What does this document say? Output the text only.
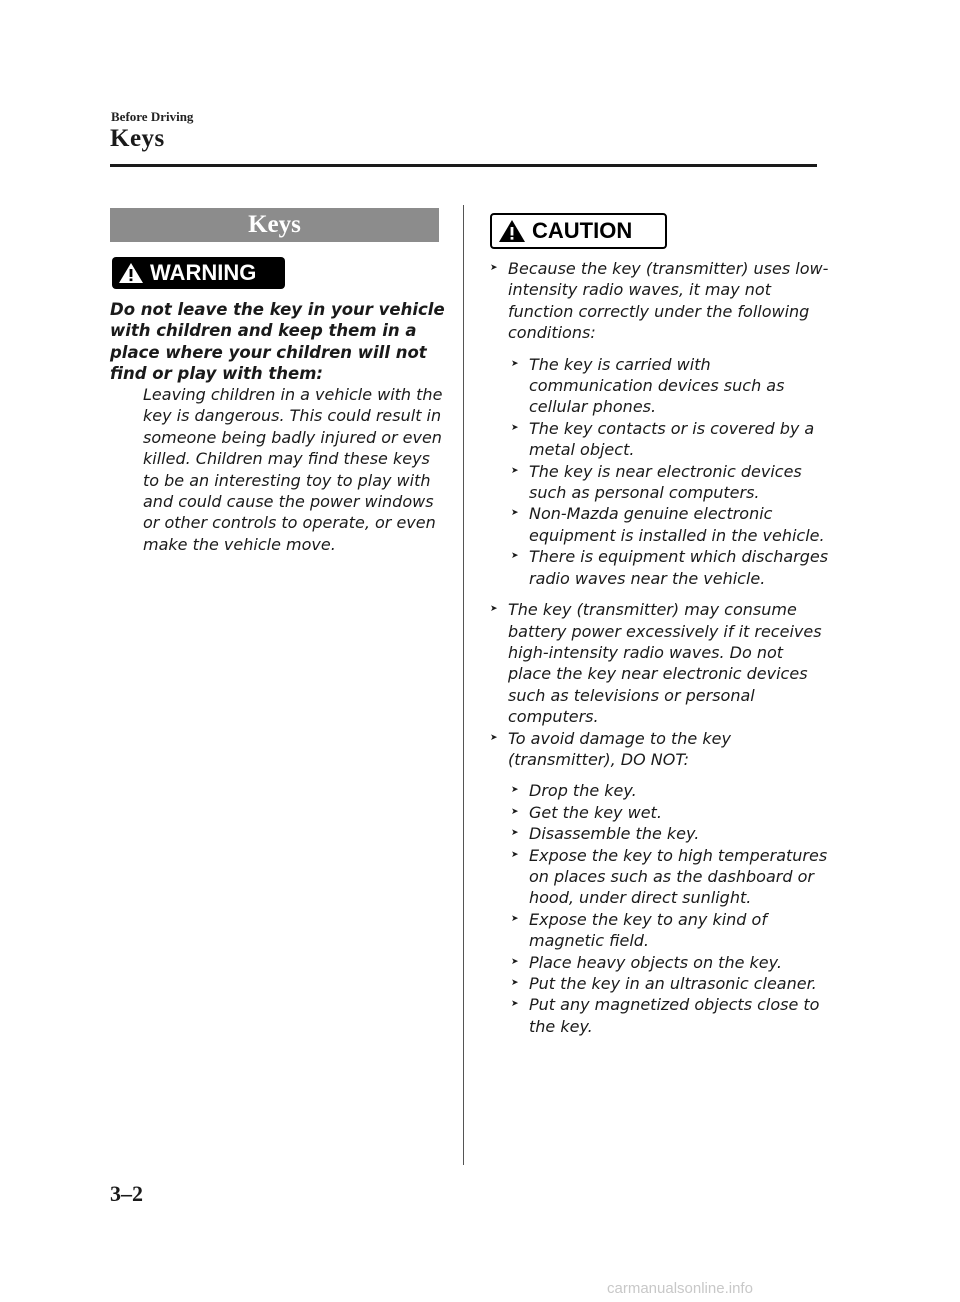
Before Driving
Keys
Keys
WARNING
Do not leave the key in your vehicle with children and keep them in a place where your children will not find or play with them:
Leaving children in a vehicle with the key is dangerous. This could result in someone being badly injured or even killed. Children may find these keys to be an interesting toy to play with and could cause the power windows or other controls to operate, or even make the vehicle move.
CAUTION
➤ Because the key (transmitter) uses low-intensity radio waves, it may not function correctly under the following conditions:
➤ The key is carried with communication devices such as cellular phones.
➤ The key contacts or is covered by a metal object.
➤ The key is near electronic devices such as personal computers.
➤ Non-Mazda genuine electronic equipment is installed in the vehicle.
➤ There is equipment which discharges radio waves near the vehicle.
➤ The key (transmitter) may consume battery power excessively if it receives high-intensity radio waves. Do not place the key near electronic devices such as televisions or personal computers.
➤ To avoid damage to the key (transmitter), DO NOT:
➤ Drop the key.
➤ Get the key wet.
➤ Disassemble the key.
➤ Expose the key to high temperatures on places such as the dashboard or hood, under direct sunlight.
➤ Expose the key to any kind of magnetic field.
➤ Place heavy objects on the key.
➤ Put the key in an ultrasonic cleaner.
➤ Put any magnetized objects close to the key.
3–2
carmanualsonline.info
